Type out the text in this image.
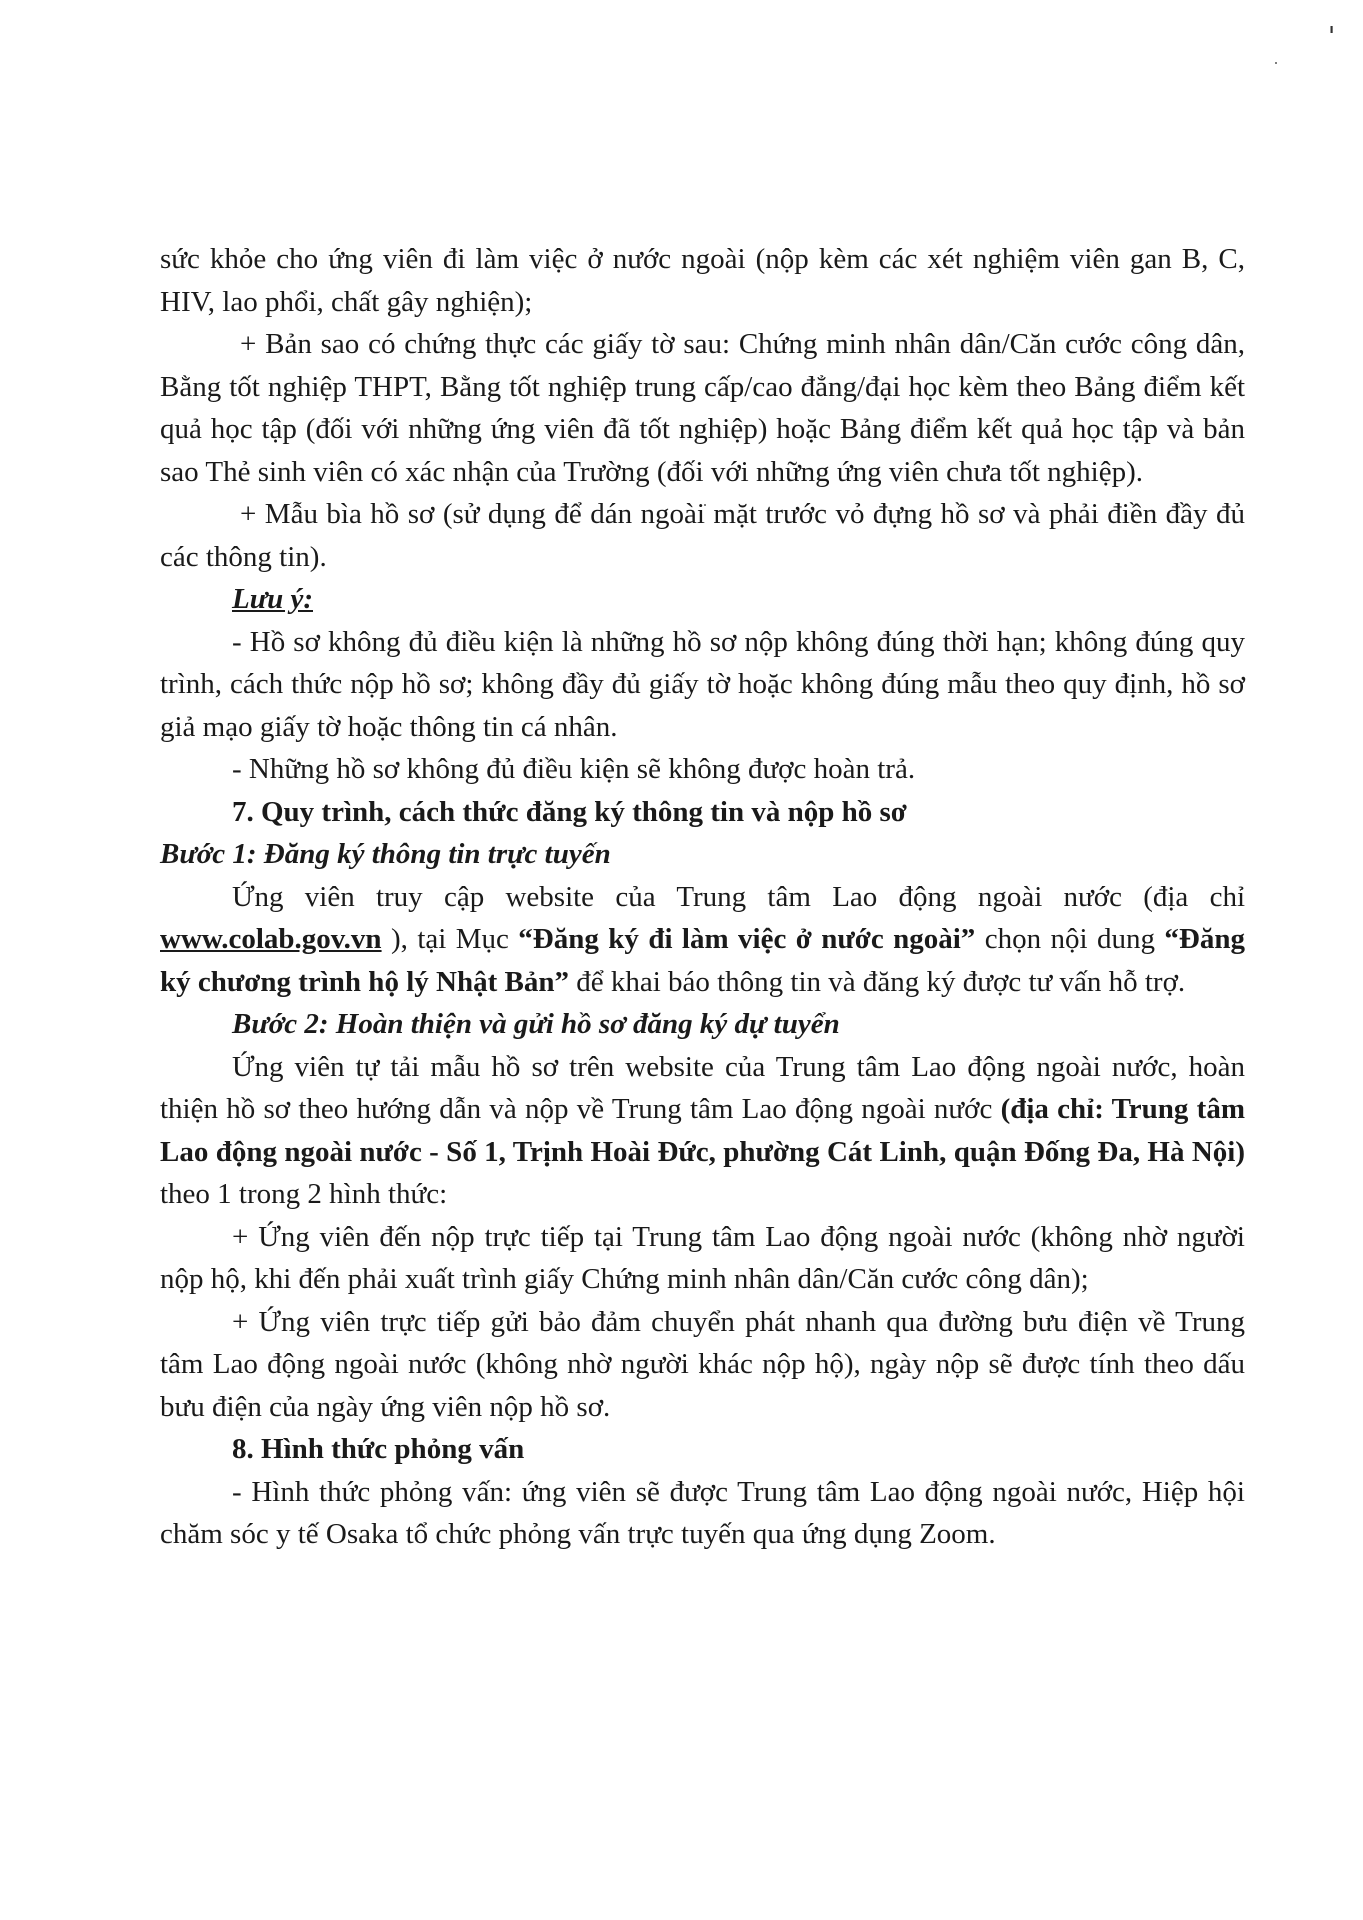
'

sức khỏe cho ứng viên đi làm việc ở nước ngoài (nộp kèm các xét nghiệm viên gan B, C, HIV, lao phổi, chất gây nghiện);

+ Bản sao có chứng thực các giấy tờ sau: Chứng minh nhân dân/Căn cước công dân, Bằng tốt nghiệp THPT, Bằng tốt nghiệp trung cấp/cao đẳng/đại học kèm theo Bảng điểm kết quả học tập (đối với những ứng viên đã tốt nghiệp) hoặc Bảng điểm kết quả học tập và bản sao Thẻ sinh viên có xác nhận của Trường (đối với những ứng viên chưa tốt nghiệp).

+ Mẫu bìa hồ sơ (sử dụng để dán ngoài mặt trước vỏ đựng hồ sơ và phải điền đầy đủ các thông tin).

Lưu ý:

- Hồ sơ không đủ điều kiện là những hồ sơ nộp không đúng thời hạn; không đúng quy trình, cách thức nộp hồ sơ; không đầy đủ giấy tờ hoặc không đúng mẫu theo quy định, hồ sơ giả mạo giấy tờ hoặc thông tin cá nhân.

- Những hồ sơ không đủ điều kiện sẽ không được hoàn trả.

7. Quy trình, cách thức đăng ký thông tin và nộp hồ sơ

Bước 1: Đăng ký thông tin trực tuyến

Ứng viên truy cập website của Trung tâm Lao động ngoài nước (địa chỉ www.colab.gov.vn ), tại Mục “Đăng ký đi làm việc ở nước ngoài” chọn nội dung “Đăng ký chương trình hộ lý Nhật Bản” để khai báo thông tin và đăng ký được tư vấn hỗ trợ.

Bước 2: Hoàn thiện và gửi hồ sơ đăng ký dự tuyển

Ứng viên tự tải mẫu hồ sơ trên website của Trung tâm Lao động ngoài nước, hoàn thiện hồ sơ theo hướng dẫn và nộp về Trung tâm Lao động ngoài nước (địa chỉ: Trung tâm Lao động ngoài nước - Số 1, Trịnh Hoài Đức, phường Cát Linh, quận Đống Đa, Hà Nội) theo 1 trong 2 hình thức:

+ Ứng viên đến nộp trực tiếp tại Trung tâm Lao động ngoài nước (không nhờ người nộp hộ, khi đến phải xuất trình giấy Chứng minh nhân dân/Căn cước công dân);

+ Ứng viên trực tiếp gửi bảo đảm chuyển phát nhanh qua đường bưu điện về Trung tâm Lao động ngoài nước (không nhờ người khác nộp hộ), ngày nộp sẽ được tính theo dấu bưu điện của ngày ứng viên nộp hồ sơ.

8. Hình thức phỏng vấn

- Hình thức phỏng vấn: ứng viên sẽ được Trung tâm Lao động ngoài nước, Hiệp hội chăm sóc y tế Osaka tổ chức phỏng vấn trực tuyến qua ứng dụng Zoom.
